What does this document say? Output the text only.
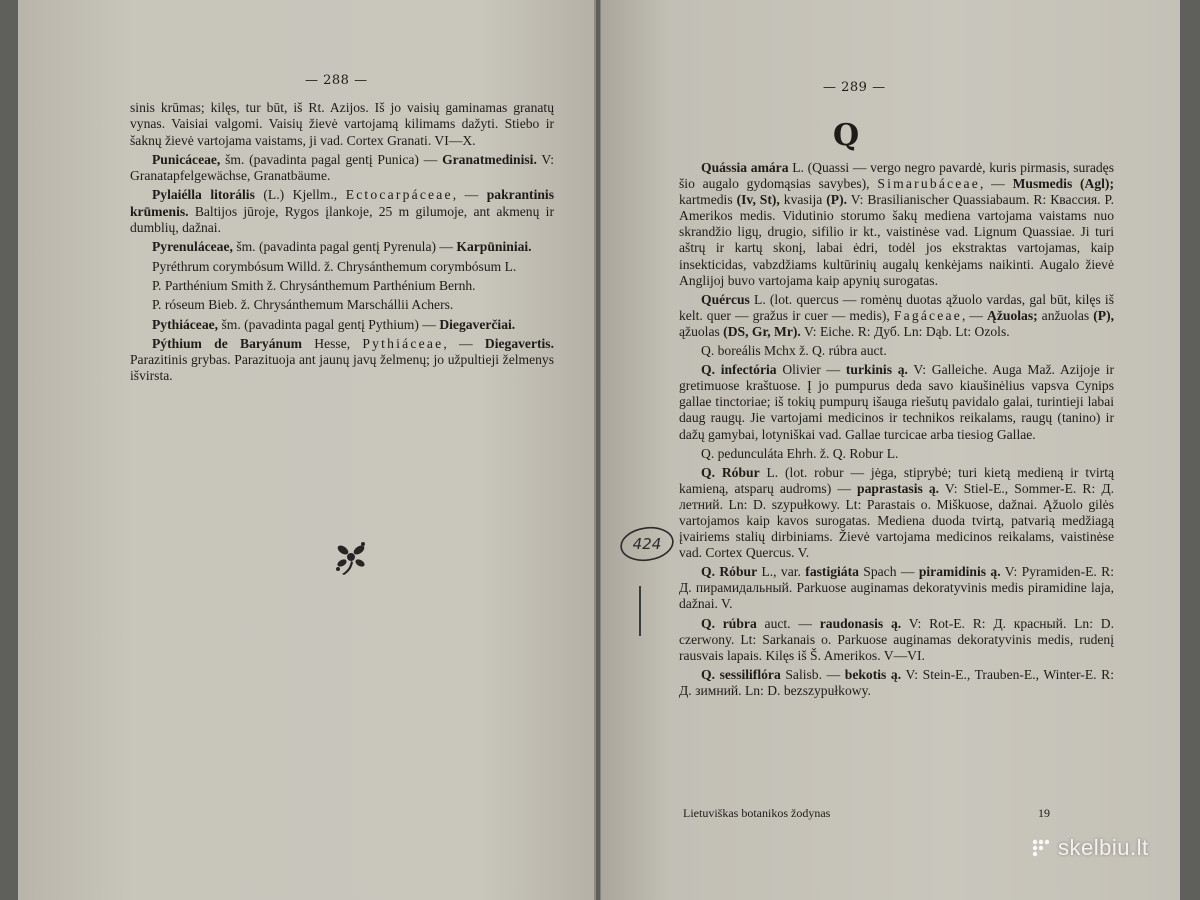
— 288 —

sinis krūmas; kilęs, tur būt, iš Rt. Azijos. Iš jo vaisių gaminamas granatų vynas. Vaisiai valgomi. Vaisių žievė vartojamą kilimams dažyti. Stiebo ir šaknų žievė vartojama vaistams, ji vad. Cortex Granati. VI—X.

Punicáceae, šm. (pavadinta pagal gentį Punica) — Granatmedinisi. V: Granatapfelgewächse, Granatbäume.

Pylaiélla litorális (L.) Kjellm., Ectocarpáceae, — pakrantinis krūmenis. Baltijos jūroje, Rygos įlankoje, 25 m gilumoje, ant akmenų ir dumblių, dažnai.

Pyrenuláceae, šm. (pavadinta pagal gentį Pyrenula) — Karpūniniai.

Pyréthrum corymbósum Willd. ž. Chrysánthemum corymbósum L.

P. Parthénium Smith ž. Chrysánthemum Parthénium Bernh.

P. róseum Bieb. ž. Chrysánthemum Marschállii Achers.

Pythiáceae, šm. (pavadinta pagal gentį Pythium) — Diegaverčiai.

Pýthium de Baryánum Hesse, Pythiáceae, — Diegavertis. Parazitinis grybas. Parazituoja ant jaunų javų želmenų; jo užpultieji želmenys išvirsta.

— 289 —
Q

Quássia amára L. (Quassi — vergo negro pavardė, kuris pirmasis, suradęs šio augalo gydomąsias savybes), Simarubáceae, — Musmedis (Agl); kartmedis (Iv, St), kvasija (P). V: Brasilianischer Quassiabaum. R: Квассия. P. Amerikos medis. Vidutinio storumo šakų mediena vartojama vaistams nuo skrandžio ligų, drugio, sifilio ir kt., vaistinėse vad. Lignum Quassiae. Ji turi aštrų ir kartų skonį, labai ėdri, todėl jos ekstraktas vartojamas, kaip insekticidas, vabzdžiams kultūrinių augalų kenkėjams naikinti. Augalo žievė Anglijoj buvo vartojama kaip apynių surogatas.

Quércus L. (lot. quercus — romėnų duotas ąžuolo vardas, gal būt, kilęs iš kelt. quer — gražus ir cuer — medis), Fagáceae, — Ąžuolas; anžuolas (P), ąžuolas (DS, Gr, Mr). V: Eiche. R: Дуб. Ln: Dąb. Lt: Ozols.

Q. boreális Mchx ž. Q. rúbra auct.

Q. infectória Olivier — turkinis ą. V: Galleiche. Auga Maž. Azijoje ir gretimuose kraštuose. Į jo pumpurus deda savo kiaušinėlius vapsva Cynips gallae tinctoriae; iš tokių pumpurų išauga riešutų pavidalo galai, turintieji labai daug raugų. Jie vartojami medicinos ir technikos reikalams, raugų (tanino) ir dažų gamybai, lotyniškai vad. Gallae turcicae arba tiesiog Gallae.

Q. pedunculáta Ehrh. ž. Q. Robur L.

Q. Róbur L. (lot. robur — jėga, stiprybė; turi kietą medieną ir tvirtą kamieną, atsparų audroms) — paprastasis ą. V: Stiel-E., Sommer-E. R: Д. летний. Ln: D. szypułkowy. Lt: Parastais o. Miškuose, dažnai. Ąžuolo gilės vartojamos kaip kavos surogatas. Mediena duoda tvirtą, patvarią medžiagą įvairiems stalių dirbiniams. Žievė vartojama medicinos reikalams, vaistinėse vad. Cortex Quercus. V.

Q. Róbur L., var. fastigiáta Spach — piramidinis ą. V: Pyramiden-E. R: Д. пирамидальный. Parkuose auginamas dekoratyvinis medis piramidine laja, dažnai. V.

Q. rúbra auct. — raudonasis ą. V: Rot-E. R: Д. красный. Ln: D. czerwony. Lt: Sarkanais o. Parkuose auginamas dekoratyvinis medis, rudenį rausvais lapais. Kilęs iš Š. Amerikos. V—VI.

Q. sessiliflóra Salisb. — bekotis ą. V: Stein-E., Trauben-E., Winter-E. R: Д. зимний. Ln: D. bezszypułkowy.

424
Lietuviškas botanikos žodynas	19
skelbiu.lt
